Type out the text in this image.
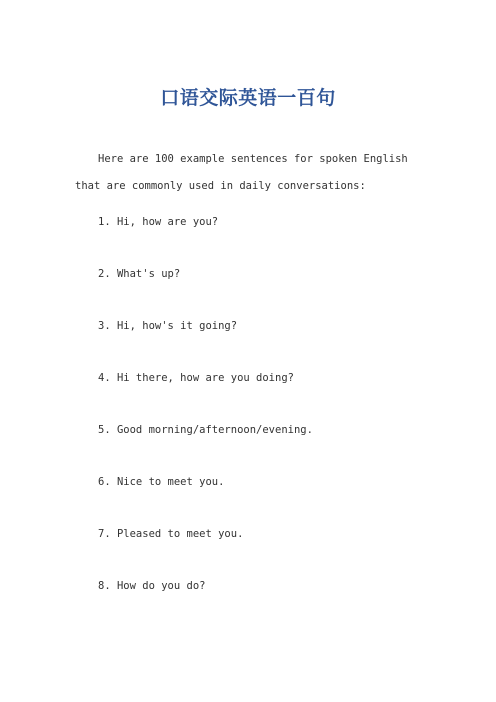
口语交际英语一百句

Here are 100 example sentences for spoken English that are commonly used in daily conversations:

1. Hi, how are you?
2. What's up?
3. Hi, how's it going?
4. Hi there, how are you doing?
5. Good morning/afternoon/evening.
6. Nice to meet you.
7. Pleased to meet you.
8. How do you do?
